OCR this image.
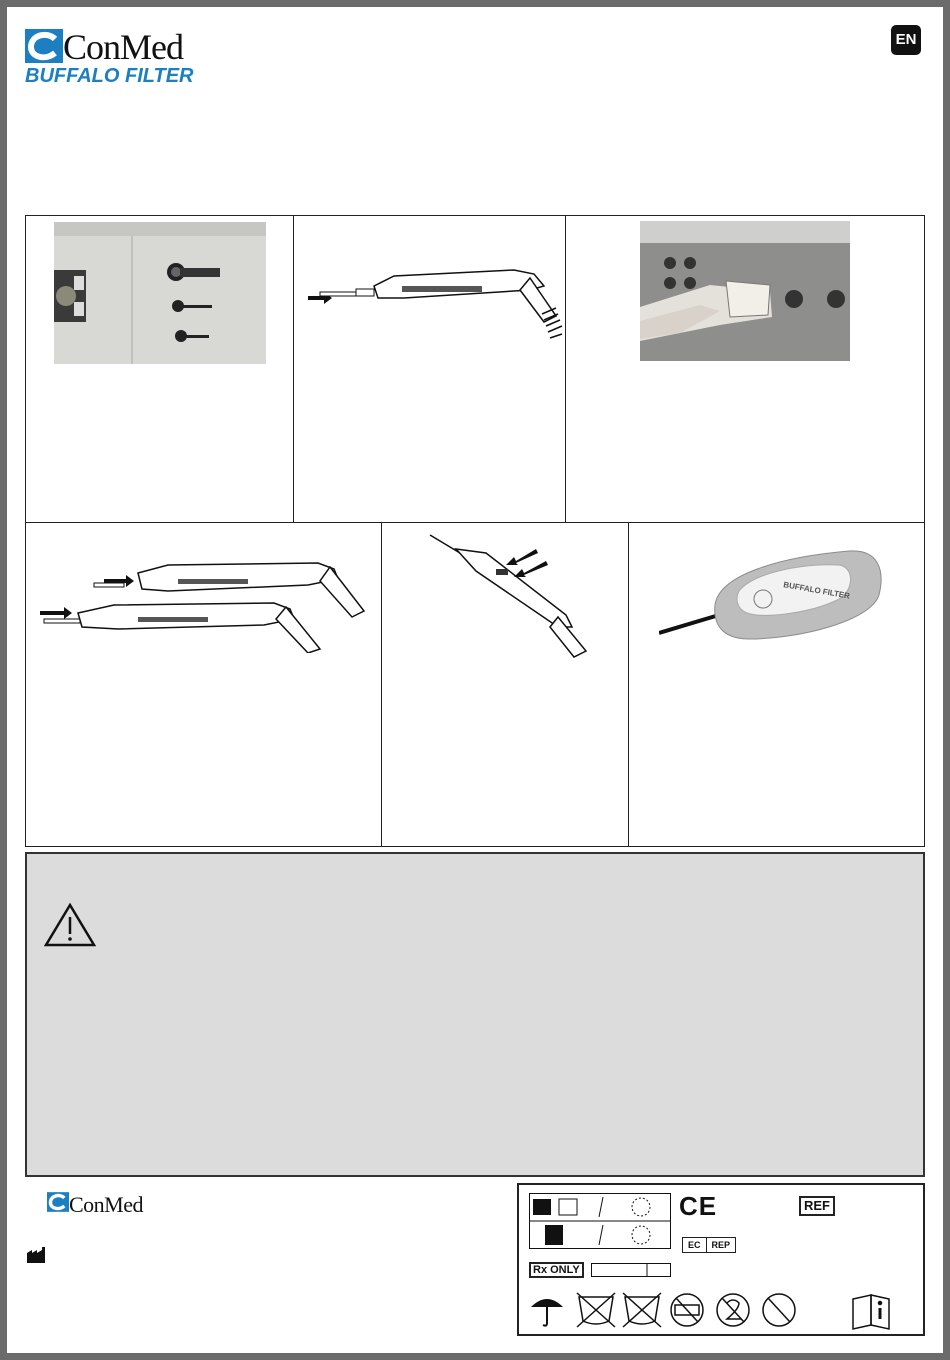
ConMed
BUFFALO FILTER
EN
BUFFALO FILTER
ConMed	CE	REF
EC	REP
Rx ONLY
